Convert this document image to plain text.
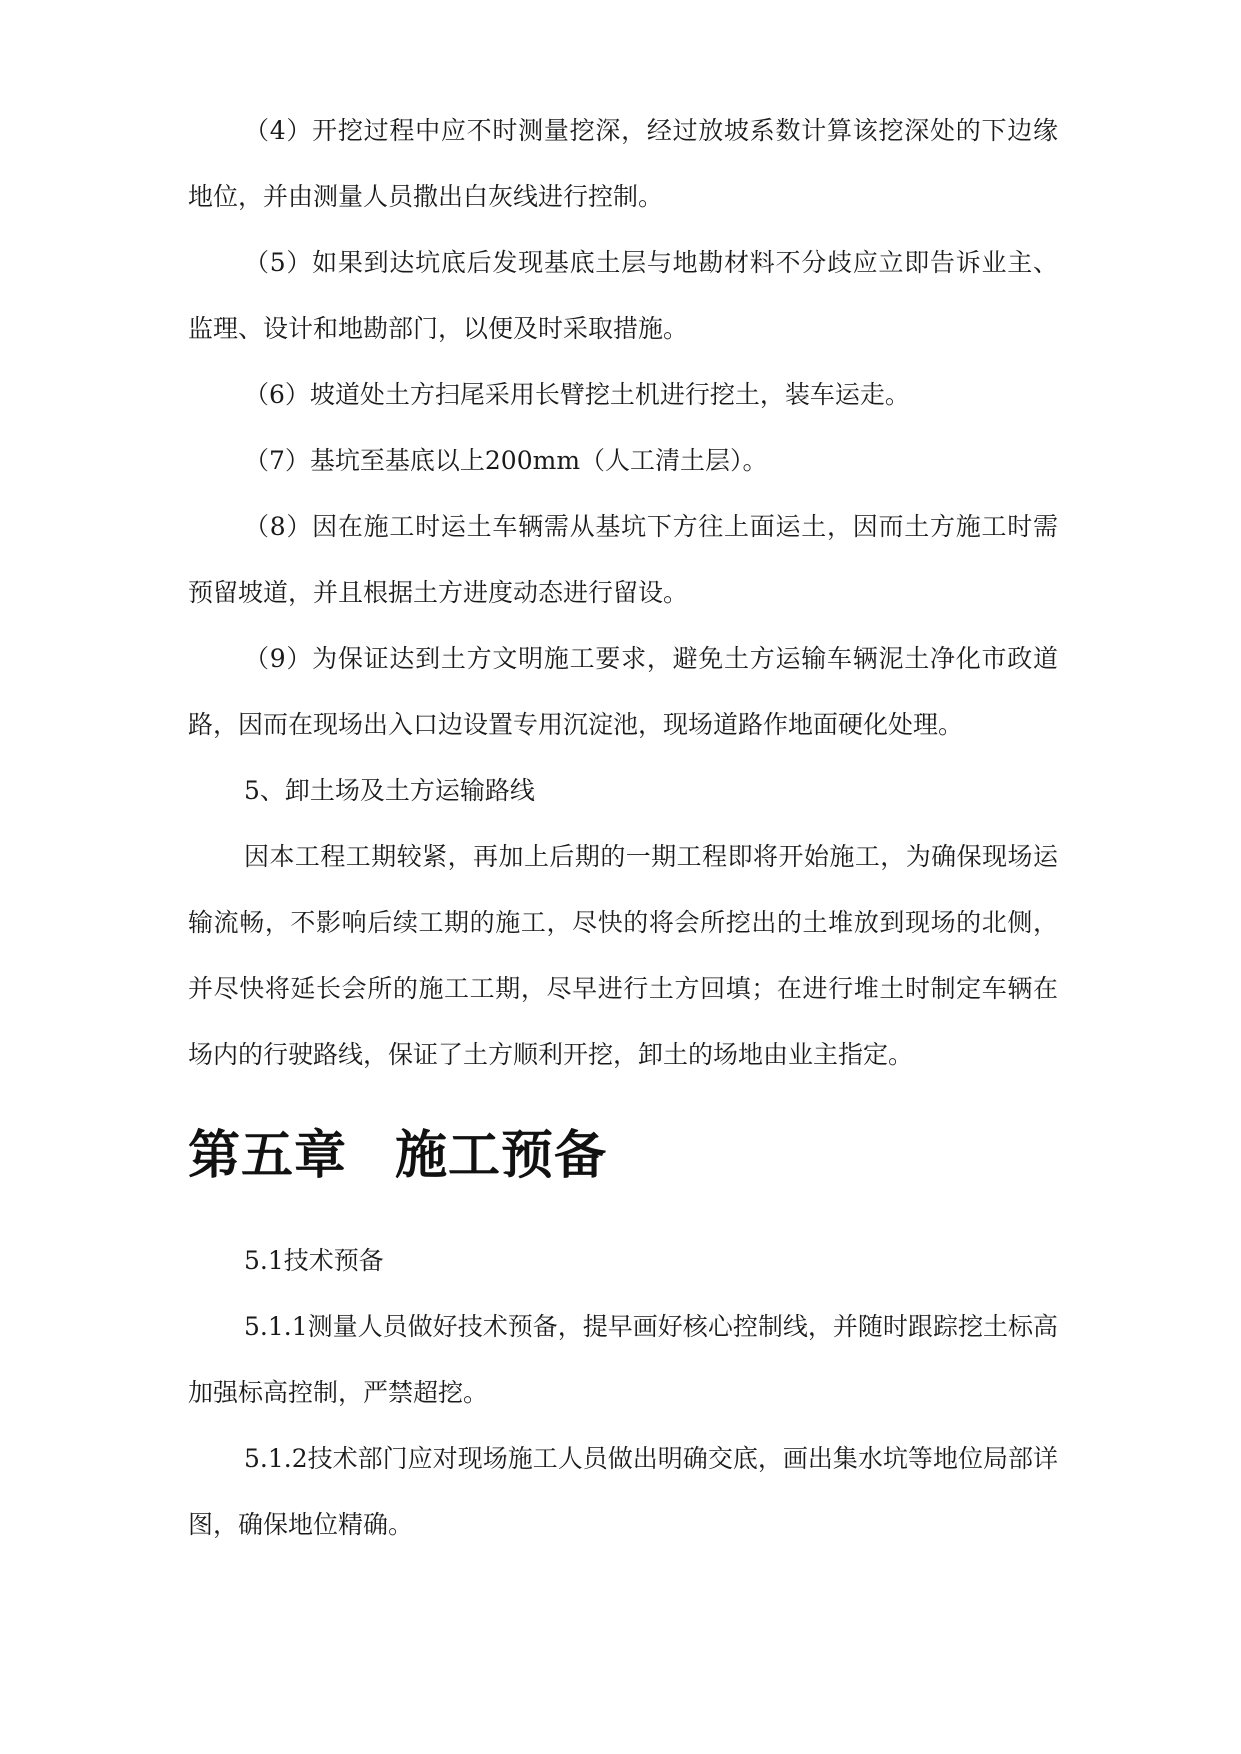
（4）开挖过程中应不时测量挖深，经过放坡系数计算该挖深处的下边缘地位，并由测量人员撒出白灰线进行控制。

（5）如果到达坑底后发现基底土层与地勘材料不分歧应立即告诉业主、监理、设计和地勘部门，以便及时采取措施。

（6）坡道处土方扫尾采用长臂挖土机进行挖土，装车运走。

（7）基坑至基底以上200mm（人工清土层）。

（8）因在施工时运土车辆需从基坑下方往上面运土，因而土方施工时需预留坡道，并且根据土方进度动态进行留设。

（9）为保证达到土方文明施工要求，避免土方运输车辆泥土净化市政道路，因而在现场出入口边设置专用沉淀池，现场道路作地面硬化处理。

5、卸土场及土方运输路线

因本工程工期较紧，再加上后期的一期工程即将开始施工，为确保现场运输流畅，不影响后续工期的施工，尽快的将会所挖出的土堆放到现场的北侧，并尽快将延长会所的施工工期，尽早进行土方回填；在进行堆土时制定车辆在场内的行驶路线，保证了土方顺利开挖，卸土的场地由业主指定。

第五章 施工预备

5.1技术预备

5.1.1测量人员做好技术预备，提早画好核心控制线，并随时跟踪挖土标高加强标高控制，严禁超挖。

5.1.2技术部门应对现场施工人员做出明确交底，画出集水坑等地位局部详图，确保地位精确。
